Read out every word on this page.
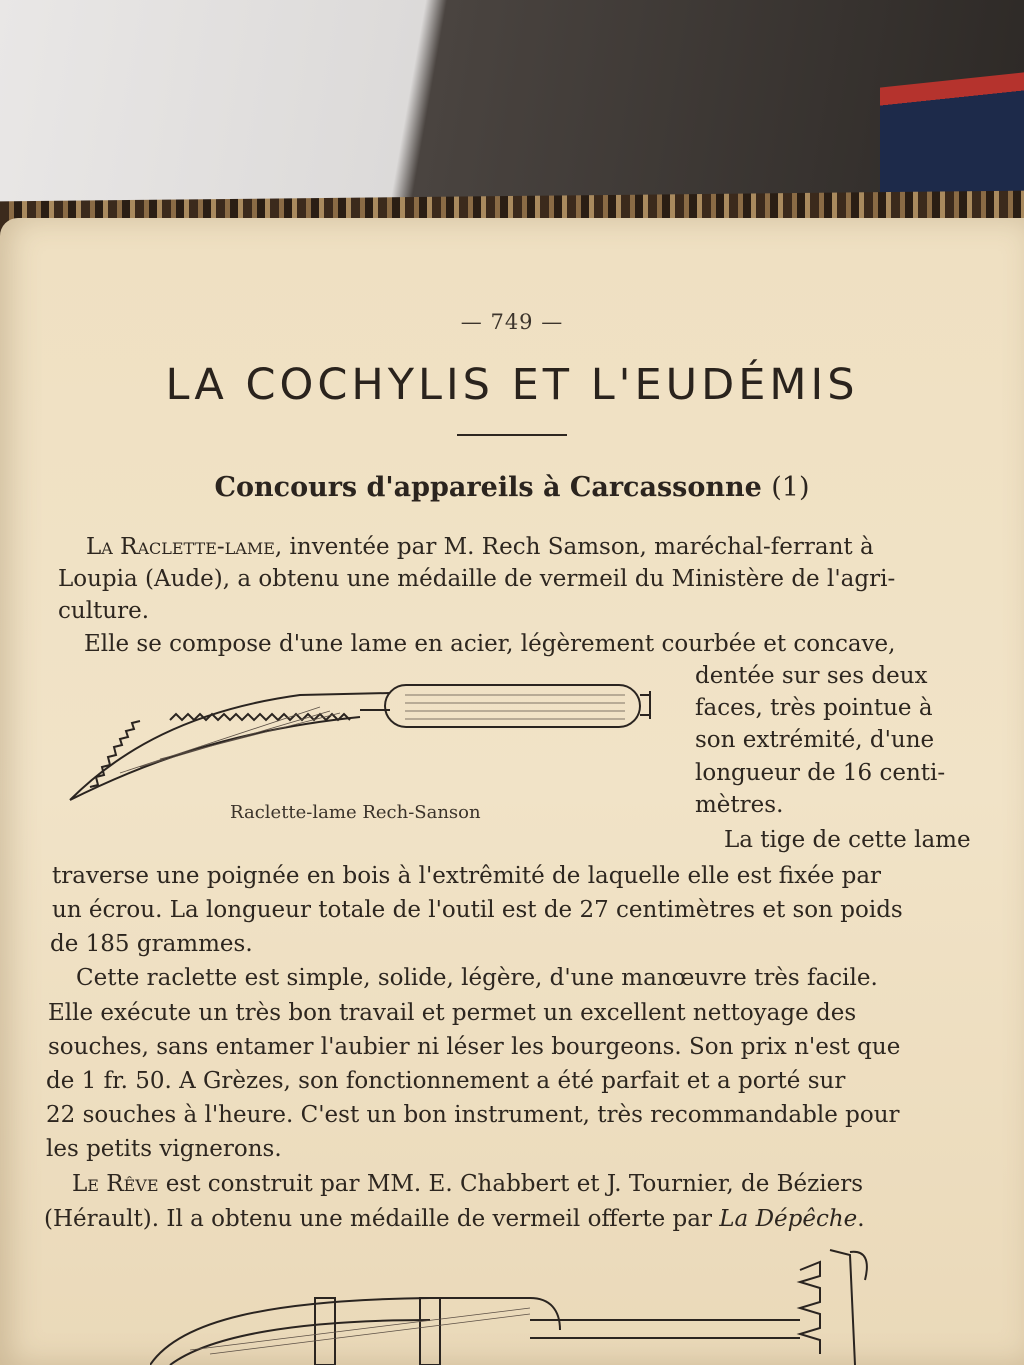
— 749 —
LA COCHYLIS ET L'EUDÉMIS
Concours d'appareils à Carcassonne (1)
La Raclette-lame, inventée par M. Rech Samson, maréchal-ferrant à
Loupia (Aude), a obtenu une médaille de vermeil du Ministère de l'agri-
culture.
Elle se compose d'une lame en acier, légèrement courbée et concave,
dentée sur ses deux
faces, très pointue à
son extrémité, d'une
longueur de 16 centi-
mètres.
Raclette-lame Rech-Sanson
La tige de cette lame
traverse une poignée en bois à l'extrêmité de laquelle elle est fixée par
un écrou. La longueur totale de l'outil est de 27 centimètres et son poids
de 185 grammes.
Cette raclette est simple, solide, légère, d'une manœuvre très facile.
Elle exécute un très bon travail et permet un excellent nettoyage des
souches, sans entamer l'aubier ni léser les bourgeons. Son prix n'est que
de 1 fr. 50. A Grèzes, son fonctionnement a été parfait et a porté sur
22 souches à l'heure. C'est un bon instrument, très recommandable pour
les petits vignerons.
Le Rêve est construit par MM. E. Chabbert et J. Tournier, de Béziers
(Hérault). Il a obtenu une médaille de vermeil offerte par La Dépêche.
